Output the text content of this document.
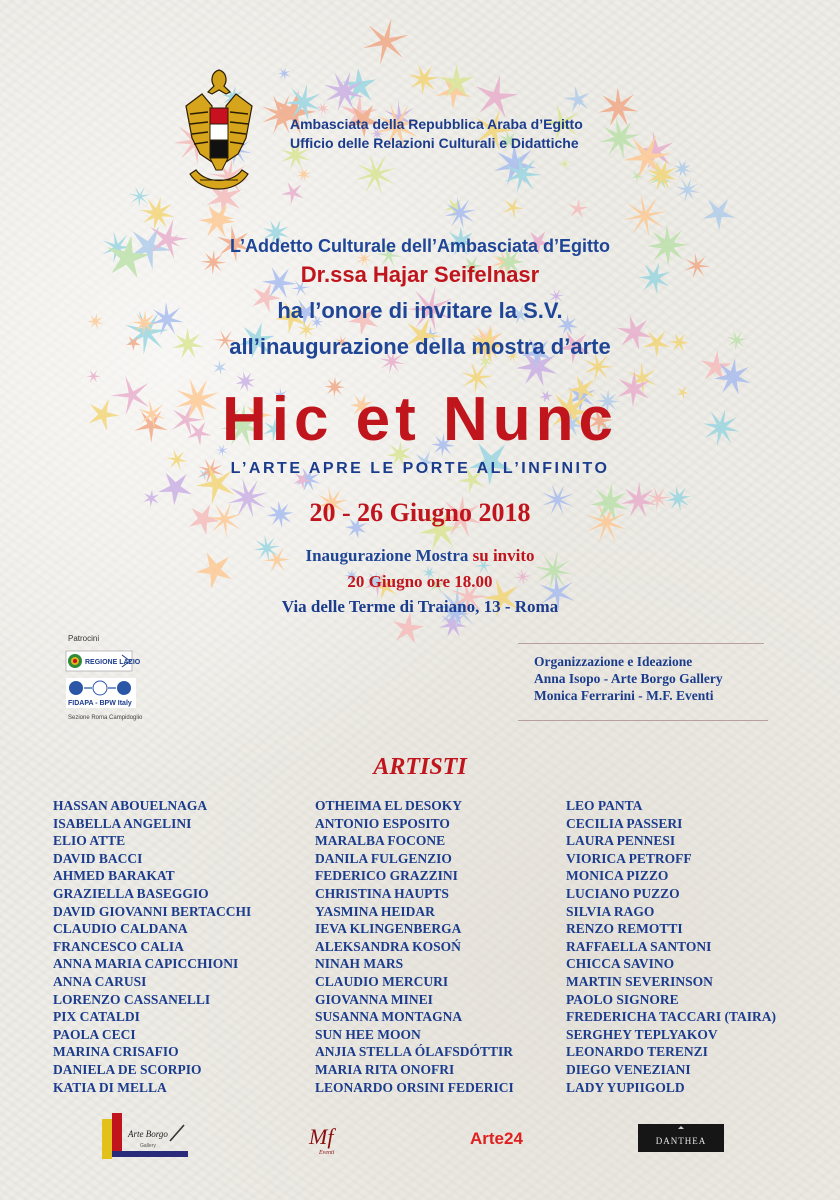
Ambasciata della Repubblica Araba d’Egitto
Ufficio delle Relazioni Culturali e Didattiche
L’Addetto Culturale dell’Ambasciata d’Egitto
Dr.ssa Hajar Seifelnasr
ha l’onore di invitare la S.V.
all’inaugurazione della mostra d’arte
Hic et Nunc
L’ARTE APRE LE PORTE ALL’INFINITO
20 - 26 Giugno 2018
Inaugurazione Mostra su invito
20 Giugno ore 18.00
Via delle Terme di Traiano, 13 - Roma
Patrocini
REGIONE LAZIO
FIDAPA - BPW Italy
Sezione Roma Campidoglio
Organizzazione e Ideazione
Anna Isopo - Arte Borgo Gallery
Monica Ferrarini - M.F. Eventi
ARTISTI
HASSAN ABOUELNAGA
ISABELLA ANGELINI
ELIO ATTE
DAVID BACCI
AHMED BARAKAT
GRAZIELLA BASEGGIO
DAVID GIOVANNI BERTACCHI
CLAUDIO CALDANA
FRANCESCO CALIA
ANNA MARIA CAPICCHIONI
ANNA CARUSI
LORENZO CASSANELLI
PIX CATALDI
PAOLA CECI
MARINA CRISAFIO
DANIELA DE SCORPIO
KATIA DI MELLA
OTHEIMA EL DESOKY
ANTONIO ESPOSITO
MARALBA FOCONE
DANILA FULGENZIO
FEDERICO GRAZZINI
CHRISTINA HAUPTS
YASMINA HEIDAR
IEVA KLINGENBERGA
ALEKSANDRA KOSOŃ
NINAH MARS
CLAUDIO MERCURI
GIOVANNA MINEI
SUSANNA MONTAGNA
SUN HEE MOON
ANJIA STELLA ÓLAFSDÓTTIR
MARIA RITA ONOFRI
LEONARDO ORSINI FEDERICI
LEO PANTA
CECILIA PASSERI
LAURA PENNESI
VIORICA PETROFF
MONICA PIZZO
LUCIANO PUZZO
SILVIA RAGO
RENZO REMOTTI
RAFFAELLA SANTONI
CHICCA SAVINO
MARTIN SEVERINSON
PAOLO SIGNORE
FREDERICHA TACCARI (TAIRA)
SERGHEY TEPLYAKOV
LEONARDO TERENZI
DIEGO VENEZIANI
LADY YUPIIGOLD
Arte Borgo
Gallery	Mf
Eventi
Arte24	DANTHEA
